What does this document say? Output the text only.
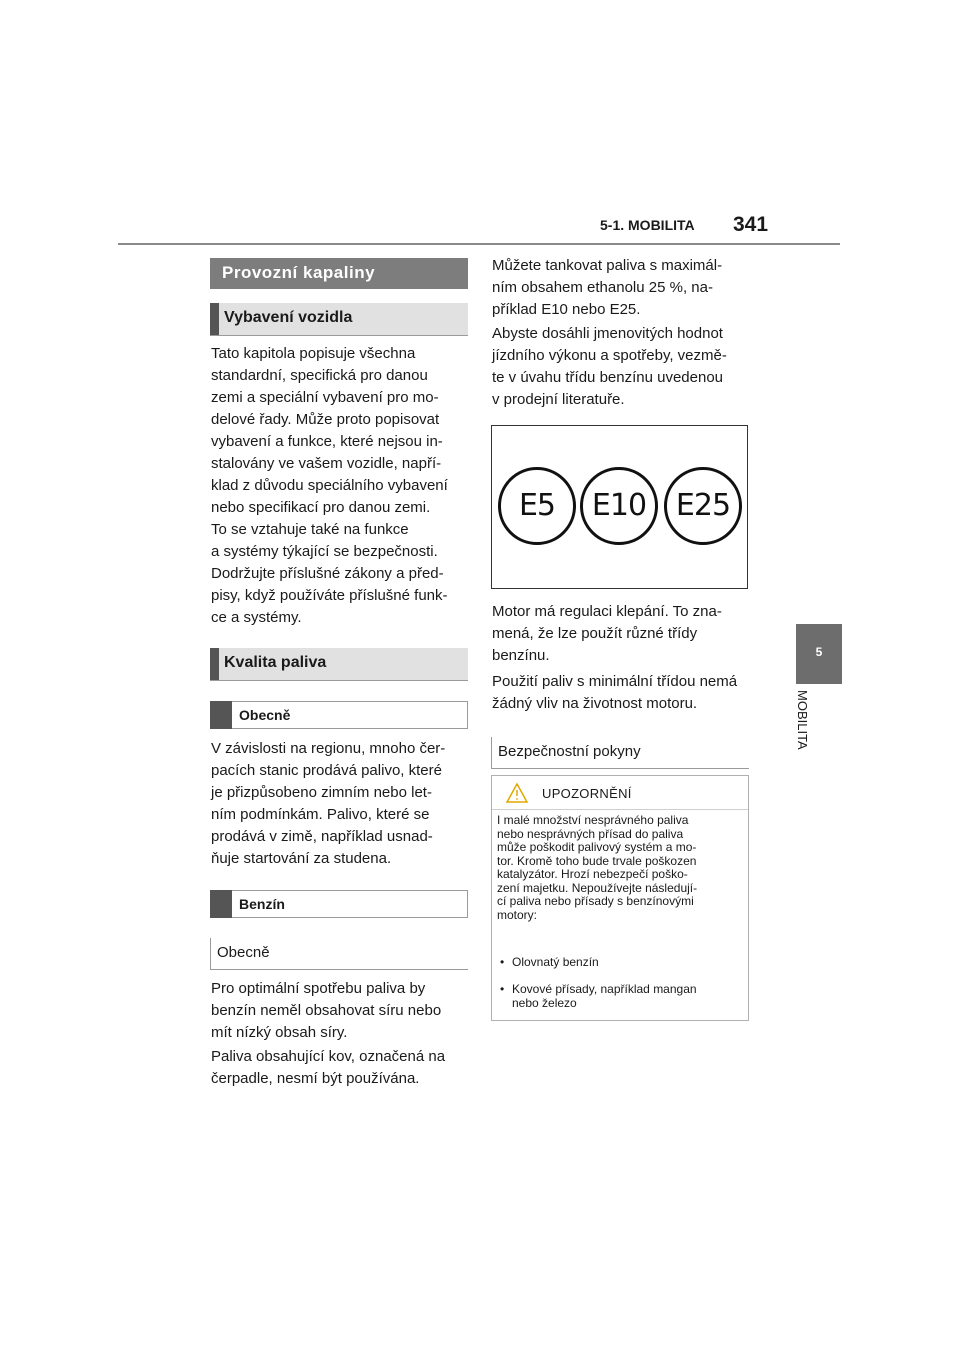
5-1. MOBILITA 341
5
MOBILITA
Provozní kapaliny
Vybavení vozidla

Tato kapitola popisuje všechna
standardní, specifická pro danou
zemi a speciální vybavení pro mo-
delové řady. Může proto popisovat
vybavení a funkce, které nejsou in-
stalovány ve vašem vozidle, napří-
klad z důvodu speciálního vybavení
nebo specifikací pro danou zemi.
To se vztahuje také na funkce
a systémy týkající se bezpečnosti.
Dodržujte příslušné zákony a před-
pisy, když používáte příslušné funk-
ce a systémy.

Kvalita paliva
Obecně

V závislosti na regionu, mnoho čer-
pacích stanic prodává palivo, které
je přizpůsobeno zimním nebo let-
ním podmínkám. Palivo, které se
prodává v zimě, například usnad-
ňuje startování za studena.

Benzín
Obecně

Pro optimální spotřebu paliva by
benzín neměl obsahovat síru nebo
mít nízký obsah síry.

Paliva obsahující kov, označená na
čerpadle, nesmí být používána.

Můžete tankovat paliva s maximál-
ním obsahem ethanolu 25 %, na-
příklad E10 nebo E25.

Abyste dosáhli jmenovitých hodnot
jízdního výkonu a spotřeby, vezmě-
te v úvahu třídu benzínu uvedenou
v prodejní literatuře.

E5	E10 E25

Motor má regulaci klepání. To zna-
mená, že lze použít různé třídy
benzínu.

Použití paliv s minimální třídou nemá
žádný vliv na životnost motoru.

Bezpečnostní pokyny
UPOZORNĚNÍ

I malé množství nesprávného paliva
nebo nesprávných přísad do paliva
může poškodit palivový systém a mo-
tor. Kromě toho bude trvale poškozen
katalyzátor. Hrozí nebezpečí poško-
zení majetku. Nepoužívejte následují-
cí paliva nebo přísady s benzínovými
motory:

• Olovnatý benzín
• Kovové přísady, například mangan
nebo železo
